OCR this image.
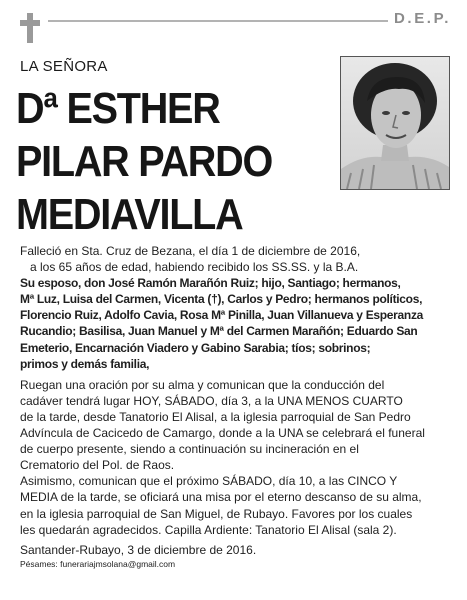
D.E.P.
LA SEÑORA
Dª ESTHER
PILAR PARDO
MEDIAVILLA

Falleció en Sta. Cruz de Bezana, el día 1 de diciembre de 2016,

a los 65 años de edad, habiendo recibido los SS.SS. y la B.A.

Su esposo, don José Ramón Marañón Ruiz; hijo, Santiago; hermanos,

Mª Luz, Luisa del Carmen, Vicenta (†), Carlos y Pedro; hermanos políticos,

Florencio Ruiz, Adolfo Cavia, Rosa Mª Pinilla, Juan Villanueva y Esperanza

Rucandio; Basilisa, Juan Manuel y Mª del Carmen Marañón; Eduardo San

Emeterio, Encarnación Viadero y Gabino Sarabia; tíos; sobrinos;

primos y demás familia,

Ruegan una oración por su alma y comunican que la conducción del

cadáver tendrá lugar HOY, SÁBADO, día 3, a la UNA MENOS CUARTO

de la tarde, desde Tanatorio El Alisal, a la iglesia parroquial de San Pedro

Advíncula de Cacicedo de Camargo, donde a la UNA se celebrará el funeral

de cuerpo presente, siendo a continuación su incineración en el

Crematorio del Pol. de Raos.

Asimismo, comunican que el próximo SÁBADO, día 10, a las CINCO Y

MEDIA de la tarde, se oficiará una misa por el eterno descanso de su alma,

en la iglesia parroquial de San Miguel, de Rubayo. Favores por los cuales

les quedarán agradecidos. Capilla Ardiente: Tanatorio El Alisal (sala 2).

Santander-Rubayo, 3 de diciembre de 2016.

Pésames: funerariajmsolana@gmail.com
